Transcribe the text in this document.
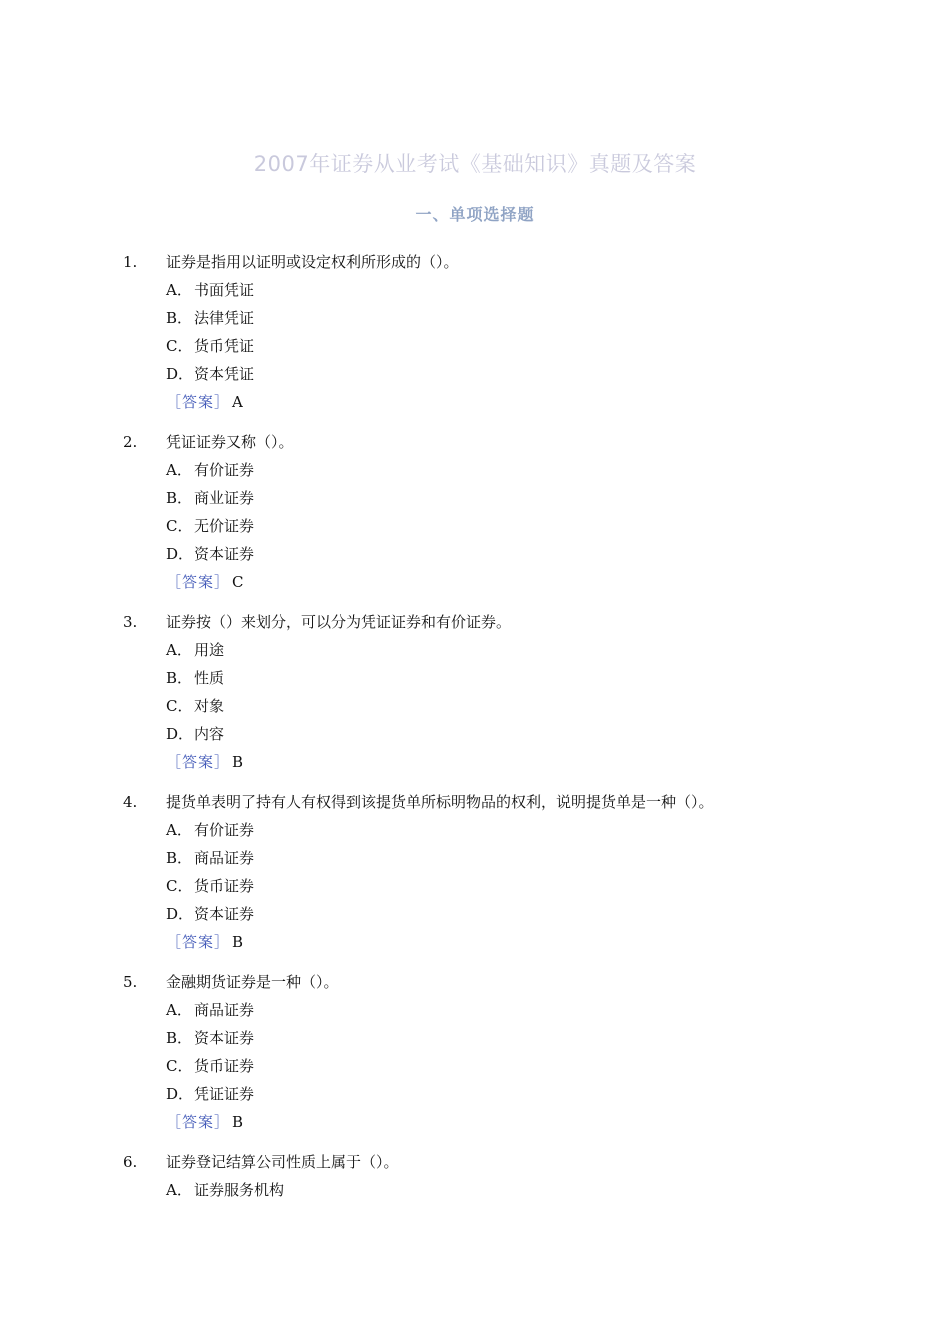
2007年证券从业考试《基础知识》真题及答案
一、单项选择题
1. 证券是指用以证明或设定权利所形成的（）。
A． 书面凭证
B． 法律凭证
C． 货币凭证
D． 资本凭证
［答案］ A
2. 凭证证券又称（）。
A． 有价证券
B． 商业证券
C． 无价证券
D． 资本证券
［答案］ C
3. 证券按（）来划分，可以分为凭证证券和有价证券。
A． 用途
B． 性质
C． 对象
D． 内容
［答案］ B
4. 提货单表明了持有人有权得到该提货单所标明物品的权利，说明提货单是一种（）。
A． 有价证券
B． 商品证券
C． 货币证券
D． 资本证券
［答案］ B
5. 金融期货证券是一种（）。
A． 商品证券
B． 资本证券
C． 货币证券
D． 凭证证券
［答案］ B
6. 证券登记结算公司性质上属于（）。
A． 证券服务机构
